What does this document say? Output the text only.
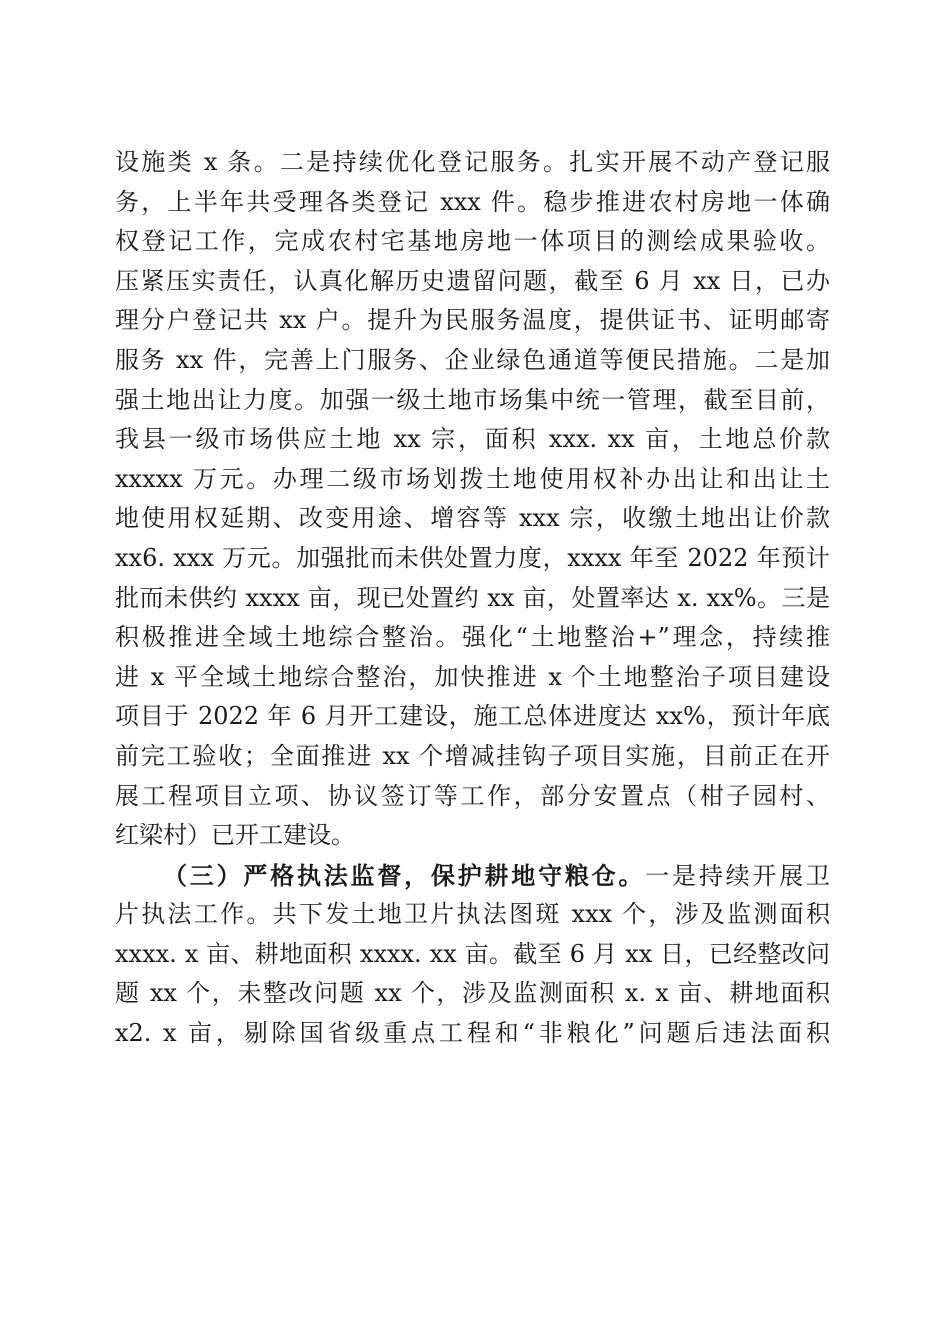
设施类 x 条。二是持续优化登记服务。扎实开展不动产登记服
务，上半年共受理各类登记 xxx 件。稳步推进农村房地一体确
权登记工作，完成农村宅基地房地一体项目的测绘成果验收。
压紧压实责任，认真化解历史遗留问题，截至 6 月 xx 日，已办
理分户登记共 xx 户。提升为民服务温度，提供证书、证明邮寄
服务 xx 件，完善上门服务、企业绿色通道等便民措施。二是加
强土地出让力度。加强一级土地市场集中统一管理，截至目前，
我县一级市场供应土地 xx 宗，面积 xxx. xx 亩，土地总价款
xxxxx 万元。办理二级市场划拨土地使用权补办出让和出让土
地使用权延期、改变用途、增容等 xxx 宗，收缴土地出让价款
xx6. xxx 万元。加强批而未供处置力度，xxxx 年至 2022 年预计
批而未供约 xxxx 亩，现已处置约 xx 亩，处置率达 x. xx%。三是
积极推进全域土地综合整治。强化“土地整治+”理念，持续推
进 x 平全域土地综合整治，加快推进 x 个土地整治子项目建设
项目于 2022 年 6 月开工建设，施工总体进度达 xx%，预计年底
前完工验收；全面推进 xx 个增减挂钩子项目实施，目前正在开
展工程项目立项、协议签订等工作，部分安置点（柑子园村、
红梁村）已开工建设。
（三）严格执法监督，保护耕地守粮仓。一是持续开展卫
片执法工作。共下发土地卫片执法图斑 xxx 个，涉及监测面积
xxxx. x 亩、耕地面积 xxxx. xx 亩。截至 6 月 xx 日，已经整改问
题 xx 个，未整改问题 xx 个，涉及监测面积 x. x 亩、耕地面积
x2. x 亩，剔除国省级重点工程和“非粮化”问题后违法面积
